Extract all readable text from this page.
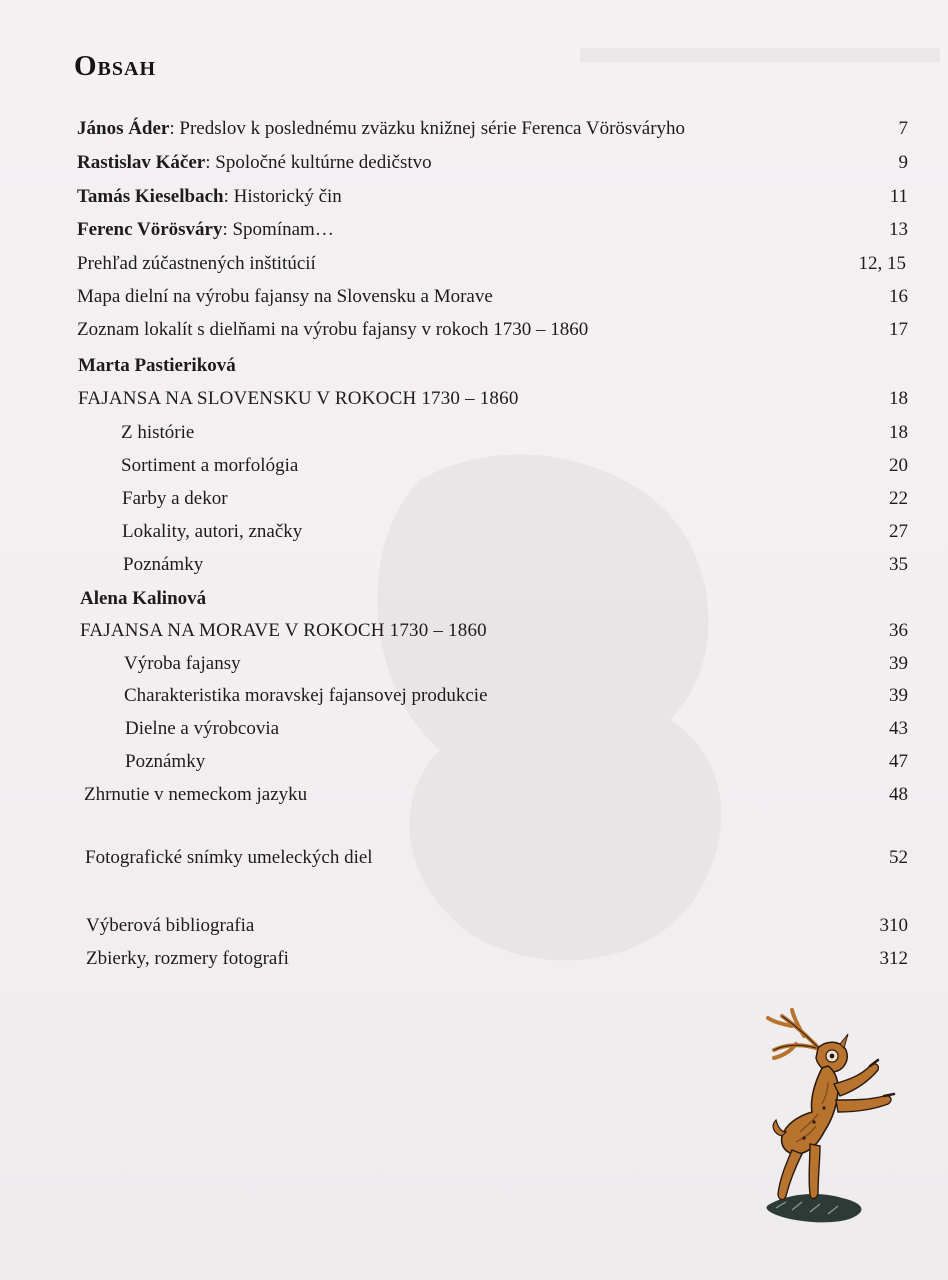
Obsah
János Áder: Predslov k poslednému zväzku knižnej série Ferenca Vörösváryho	7
Rastislav Káčer: Spoločné kultúrne dedičstvo	9
Tamás Kieselbach: Historický čin	11
Ferenc Vörösváry: Spomínam…	13
Prehľad zúčastnených inštitúcií	12, 15
Mapa dielní na výrobu fajansy na Slovensku a Morave	16
Zoznam lokalít s dielňami na výrobu fajansy v rokoch 1730 – 1860	17
Marta Pastieriková
FAJANSA NA SLOVENSKU V ROKOCH 1730 – 1860	18
Z histórie	18
Sortiment a morfológia	20
Farby a dekor	22
Lokality, autori, značky	27
Poznámky	35
Alena Kalinová
FAJANSA NA MORAVE V ROKOCH 1730 – 1860	36
Výroba fajansy	39
Charakteristika moravskej fajansovej produkcie	39
Dielne a výrobcovia	43
Poznámky	47
Zhrnutie v nemeckom jazyku	48
Fotografické snímky umeleckých diel	52
Výberová bibliografia	310
Zbierky, rozmery fotografi	312
